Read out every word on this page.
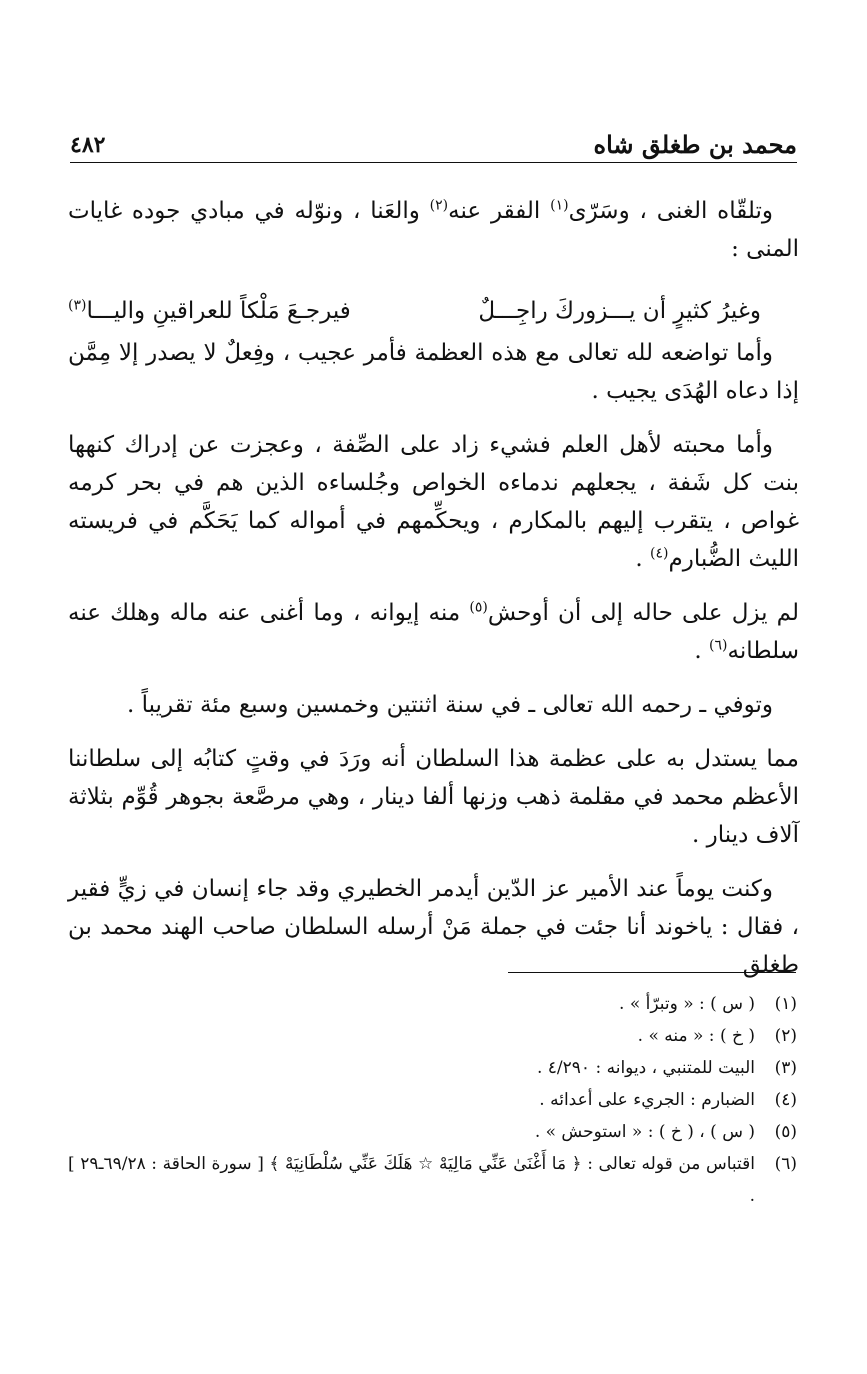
محمد بن طغلق شاه
٤٨٢

وتلقّاه الغنى ، وسَرّى$^{(١)}$ الفقر عنه$^{(٢)}$ والعَنا ، ونوّله في مبادي جوده غايات المنى :

وغيرُ كثيرٍ أن يـــزوركَ راجِـــلٌ
فيرجـعَ مَلْكاً للعراقينِ واليـــا$^{(٣)}$

وأما تواضعه لله تعالى مع هذه العظمة فأمر عجيب ، وفِعلٌ لا يصدر إلا مِمَّن إذا دعاه الهُدَى يجيب .

وأما محبته لأهل العلم فشيء زاد على الصِّفة ، وعجزت عن إدراك كنهها بنت كل شَفة ، يجعلهم ندماءه الخواص وجُلساءه الذين هم في بحر كرمه غواص ، يتقرب إليهم بالمكارم ، ويحكِّمهم في أمواله كما يَحَكَّم في فريسته الليث الضُّبارم$^{(٤)}$ .

لم يزل على حاله إلى أن أوحش$^{(٥)}$ منه إيوانه ، وما أغنى عنه ماله وهلك عنه سلطانه$^{(٦)}$ .

وتوفي ـ رحمه الله تعالى ـ في سنة اثنتين وخمسين وسبع مئة تقريباً .

مما يستدل به على عظمة هذا السلطان أنه ورَدَ في وقتٍ كتابُه إلى سلطاننا الأعظم محمد في مقلمة ذهب وزنها ألفا دينار ، وهي مرصَّعة بجوهر قُوِّم بثلاثة آلاف دينار .

وكنت يوماً عند الأمير عز الدّين أيدمر الخطيري وقد جاء إنسان في زيٍّ فقير ، فقال : ياخوند أنا جئت في جملة مَنْ أرسله السلطان صاحب الهند محمد بن طغلق

(١)
( س ) : « وتبرّأ » .
(٢)
( خ ) : « منه » .
(٣)
البيت للمتنبي ، ديوانه : ٤/٢٩٠ .
(٤)
الضبارم : الجريء على أعدائه .
(٥)
( س ) ، ( خ ) : « استوحش » .
(٦)
اقتباس من قوله تعالى : ﴿ مَا أَغْنَىٰ عَنِّي مَالِيَهْ ☆ هَلَكَ عَنِّي سُلْطَانِيَهْ ﴾ [ سورة الحاقة : ٦٩/٢٨ـ٢٩ ] .
